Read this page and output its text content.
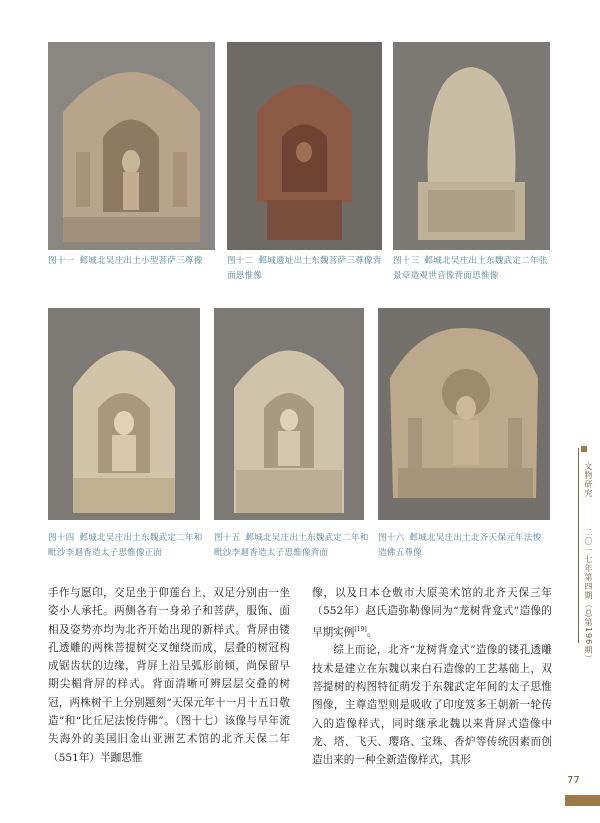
图十一 邺城北吴庄出土小型菩萨三尊像	图十二 邺城遗址出土东魏菩萨三尊像背面思惟像
图十三 邺城北吴庄出土东魏武定二年张景章造观世音像背面思惟像
图十四 邺城北吴庄出土东魏武定二年和毗沙李迴香造太子思惟像正面
图十五 邺城北吴庄出土东魏武定二年和毗沙李迴香造太子思惟像背面
图十六 邺城北吴庄出土北齐天保元年法悛造佛五尊像

手作与愿印，交足坐于仰莲台上，双足分别由一坐姿小人承托。两侧各有一身弟子和菩萨，服饰、面相及姿势亦均为北齐开始出现的新样式。背屏由镂孔透雕的两株菩提树交叉缠绕而成，层叠的树冠构成锯齿状的边缘，背屏上沿呈弧形前倾，尚保留早期尖楣背屏的样式。背面清晰可辨层层交叠的树冠，两株树干上分别题刻“天保元年十一月十五日敬造”和“比丘尼法悛侍佛”。（图十七）该像与早年流失海外的美国旧金山亚洲艺术馆的北齐天保二年（551年）半跏思惟

像，以及日本仓敷市大原美术馆的北齐天保三年（552年）赵氏造弥勒像同为“龙树背龛式”造像的早期实例[19]。

综上而论，北齐“龙树背龛式”造像的镂孔透雕技术是建立在东魏以来白石造像的工艺基础上，双菩提树的构图特征萌发于东魏武定年间的太子思惟图像，主尊造型则是吸收了印度笈多王朝新一轮传入的造像样式，同时继承北魏以来背屏式造像中龙、塔、飞天、璎珞、宝珠、香炉等传统因素而创造出来的一种全新造像样式，其形

文物研究
二〇一七年第四期（总第196期）
77
